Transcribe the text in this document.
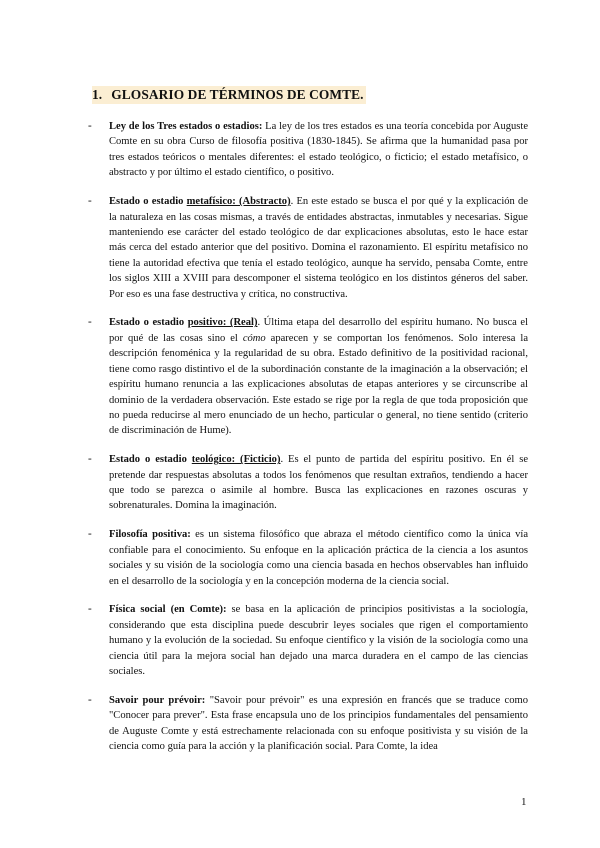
1. GLOSARIO DE TÉRMINOS DE COMTE.
- Ley de los Tres estados o estadios: La ley de los tres estados es una teoría concebida por Auguste Comte en su obra Curso de filosofía positiva (1830-1845). Se afirma que la humanidad pasa por tres estados teóricos o mentales diferentes: el estado teológico, o ficticio; el estado metafísico, o abstracto y por último el estado científico, o positivo.
- Estado o estadio metafísico: (Abstracto). En este estado se busca el por qué y la explicación de la naturaleza en las cosas mismas, a través de entidades abstractas, inmutables y necesarias. Sigue manteniendo ese carácter del estado teológico de dar explicaciones absolutas, esto le hace estar más cerca del estado anterior que del positivo. Domina el razonamiento. El espíritu metafísico no tiene la autoridad efectiva que tenía el estado teológico, aunque ha servido, pensaba Comte, entre los siglos XIII a XVIII para descomponer el sistema teológico en los distintos géneros del saber. Por eso es una fase destructiva y crítica, no constructiva.
- Estado o estadio positivo: (Real). Última etapa del desarrollo del espíritu humano. No busca el por qué de las cosas sino el cómo aparecen y se comportan los fenómenos. Solo interesa la descripción fenoménica y la regularidad de su obra. Estado definitivo de la positividad racional, tiene como rasgo distintivo el de la subordinación constante de la imaginación a la observación; el espíritu humano renuncia a las explicaciones absolutas de etapas anteriores y se circunscribe al dominio de la verdadera observación. Este estado se rige por la regla de que toda proposición que no pueda reducirse al mero enunciado de un hecho, particular o general, no tiene sentido (criterio de discriminación de Hume).
- Estado o estadio teológico: (Ficticio). Es el punto de partida del espíritu positivo. En él se pretende dar respuestas absolutas a todos los fenómenos que resultan extraños, tendiendo a hacer que todo se parezca o asimile al hombre. Busca las explicaciones en razones oscuras y sobrenaturales. Domina la imaginación.
- Filosofía positiva: es un sistema filosófico que abraza el método científico como la única vía confiable para el conocimiento. Su enfoque en la aplicación práctica de la ciencia a los asuntos sociales y su visión de la sociología como una ciencia basada en hechos observables han influido en el desarrollo de la sociología y en la concepción moderna de la ciencia social.
- Física social (en Comte): se basa en la aplicación de principios positivistas a la sociología, considerando que esta disciplina puede descubrir leyes sociales que rigen el comportamiento humano y la evolución de la sociedad. Su enfoque científico y la visión de la sociología como una ciencia útil para la mejora social han dejado una marca duradera en el campo de las ciencias sociales.
- Savoir pour prévoir: "Savoir pour prévoir" es una expresión en francés que se traduce como "Conocer para prever". Esta frase encapsula uno de los principios fundamentales del pensamiento de Auguste Comte y está estrechamente relacionada con su enfoque positivista y su visión de la ciencia como guía para la acción y la planificación social. Para Comte, la idea
1
